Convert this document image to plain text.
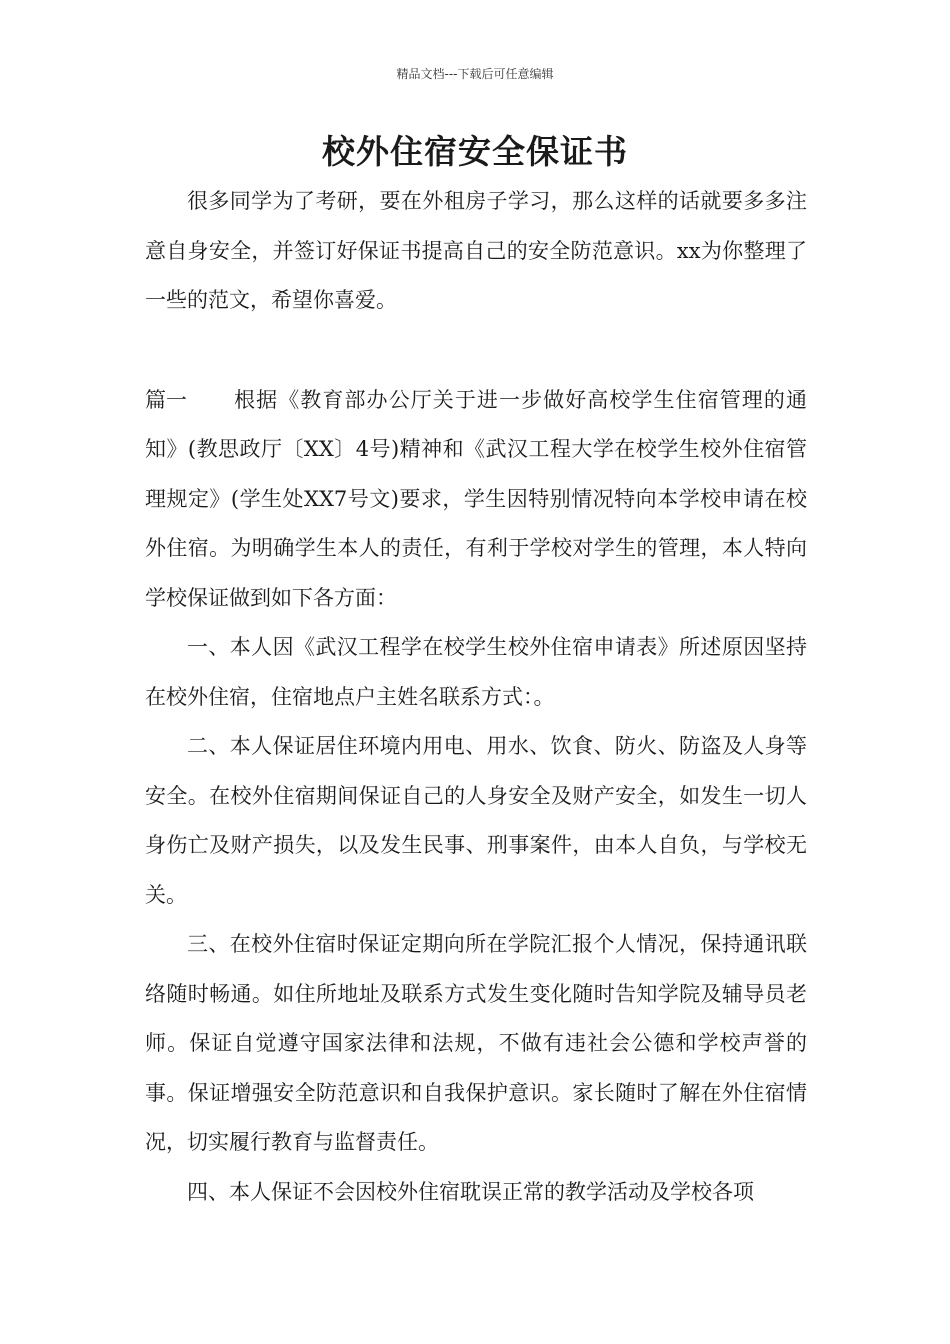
精品文档---下载后可任意编辑
校外住宿安全保证书

很多同学为了考研，要在外租房子学习，那么这样的话就要多多注意自身安全，并签订好保证书提高自己的安全防范意识。xx为你整理了一些的范文，希望你喜爱。

篇一 根据《教育部办公厅关于进一步做好高校学生住宿管理的通知》(教思政厅〔XX〕4号)精神和《武汉工程大学在校学生校外住宿管理规定》(学生处XX7号文)要求，学生因特别情况特向本学校申请在校外住宿。为明确学生本人的责任，有利于学校对学生的管理，本人特向学校保证做到如下各方面：

一、本人因《武汉工程学在校学生校外住宿申请表》所述原因坚持在校外住宿，住宿地点户主姓名联系方式：。

二、本人保证居住环境内用电、用水、饮食、防火、防盗及人身等安全。在校外住宿期间保证自己的人身安全及财产安全，如发生一切人身伤亡及财产损失，以及发生民事、刑事案件，由本人自负，与学校无关。

三、在校外住宿时保证定期向所在学院汇报个人情况，保持通讯联络随时畅通。如住所地址及联系方式发生变化随时告知学院及辅导员老师。保证自觉遵守国家法律和法规，不做有违社会公德和学校声誉的事。保证增强安全防范意识和自我保护意识。家长随时了解在外住宿情况，切实履行教育与监督责任。

四、本人保证不会因校外住宿耽误正常的教学活动及学校各项
